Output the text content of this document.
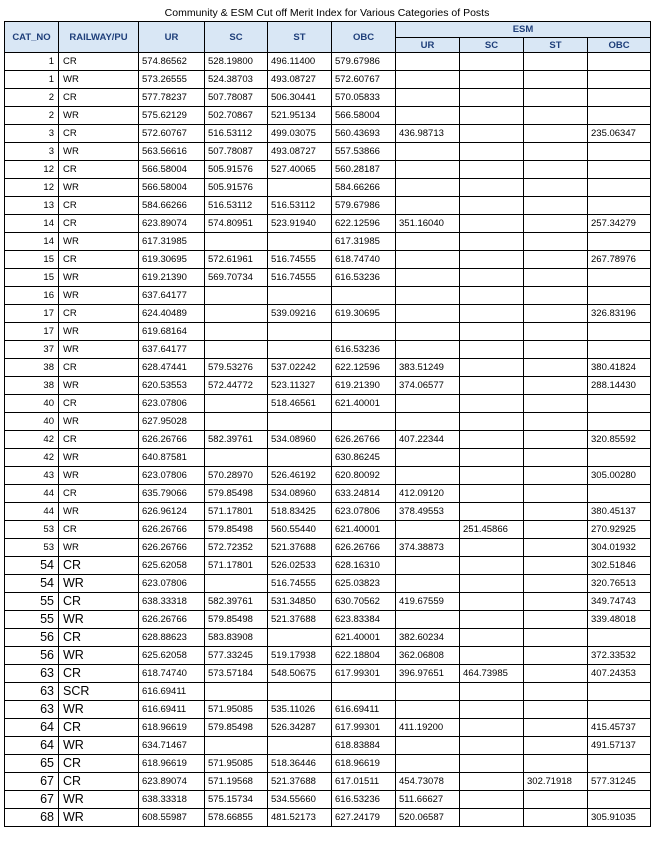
Community & ESM Cut off Merit Index for Various Categories of Posts
CAT_NO	RAILWAY/PU	UR	SC	ST	OBC	ESM			
						UR	SC	ST	OBC
1	CR	574.86562	528.19800	496.11400	579.67986				
1	WR	573.26555	524.38703	493.08727	572.60767				
2	CR	577.78237	507.78087	506.30441	570.05833				
2	WR	575.62129	502.70867	521.95134	566.58004				
3	CR	572.60767	516.53112	499.03075	560.43693	436.98713			235.06347
3	WR	563.56616	507.78087	493.08727	557.53866				
12	CR	566.58004	505.91576	527.40065	560.28187				
12	WR	566.58004	505.91576		584.66266				
13	CR	584.66266	516.53112	516.53112	579.67986				
14	CR	623.89074	574.80951	523.91940	622.12596	351.16040			257.34279
14	WR	617.31985			617.31985				
15	CR	619.30695	572.61961	516.74555	618.74740				267.78976
15	WR	619.21390	569.70734	516.74555	616.53236				
16	WR	637.64177							
17	CR	624.40489		539.09216	619.30695				326.83196
17	WR	619.68164							
37	WR	637.64177			616.53236				
38	CR	628.47441	579.53276	537.02242	622.12596	383.51249			380.41824
38	WR	620.53553	572.44772	523.11327	619.21390	374.06577			288.14430
40	CR	623.07806		518.46561	621.40001				
40	WR	627.95028							
42	CR	626.26766	582.39761	534.08960	626.26766	407.22344			320.85592
42	WR	640.87581			630.86245				
43	WR	623.07806	570.28970	526.46192	620.80092				305.00280
44	CR	635.79066	579.85498	534.08960	633.24814	412.09120			
44	WR	626.96124	571.17801	518.83425	623.07806	378.49553			380.45137
53	CR	626.26766	579.85498	560.55440	621.40001		251.45866		270.92925
53	WR	626.26766	572.72352	521.37688	626.26766	374.38873			304.01932
54	CR	625.62058	571.17801	526.02533	628.16310				302.51846
54	WR	623.07806		516.74555	625.03823				320.76513
55	CR	638.33318	582.39761	531.34850	630.70562	419.67559			349.74743
55	WR	626.26766	579.85498	521.37688	623.83384				339.48018
56	CR	628.88623	583.83908		621.40001	382.60234			
56	WR	625.62058	577.33245	519.17938	622.18804	362.06808			372.33532
63	CR	618.74740	573.57184	548.50675	617.99301	396.97651	464.73985		407.24353
63	SCR	616.69411							
63	WR	616.69411	571.95085	535.11026	616.69411				
64	CR	618.96619	579.85498	526.34287	617.99301	411.19200			415.45737
64	WR	634.71467			618.83884				491.57137
65	CR	618.96619	571.95085	518.36446	618.96619				
67	CR	623.89074	571.19568	521.37688	617.01511	454.73078		302.71918	577.31245
67	WR	638.33318	575.15734	534.55660	616.53236	511.66627			
68	WR	608.55987	578.66855	481.52173	627.24179	520.06587			305.91035
